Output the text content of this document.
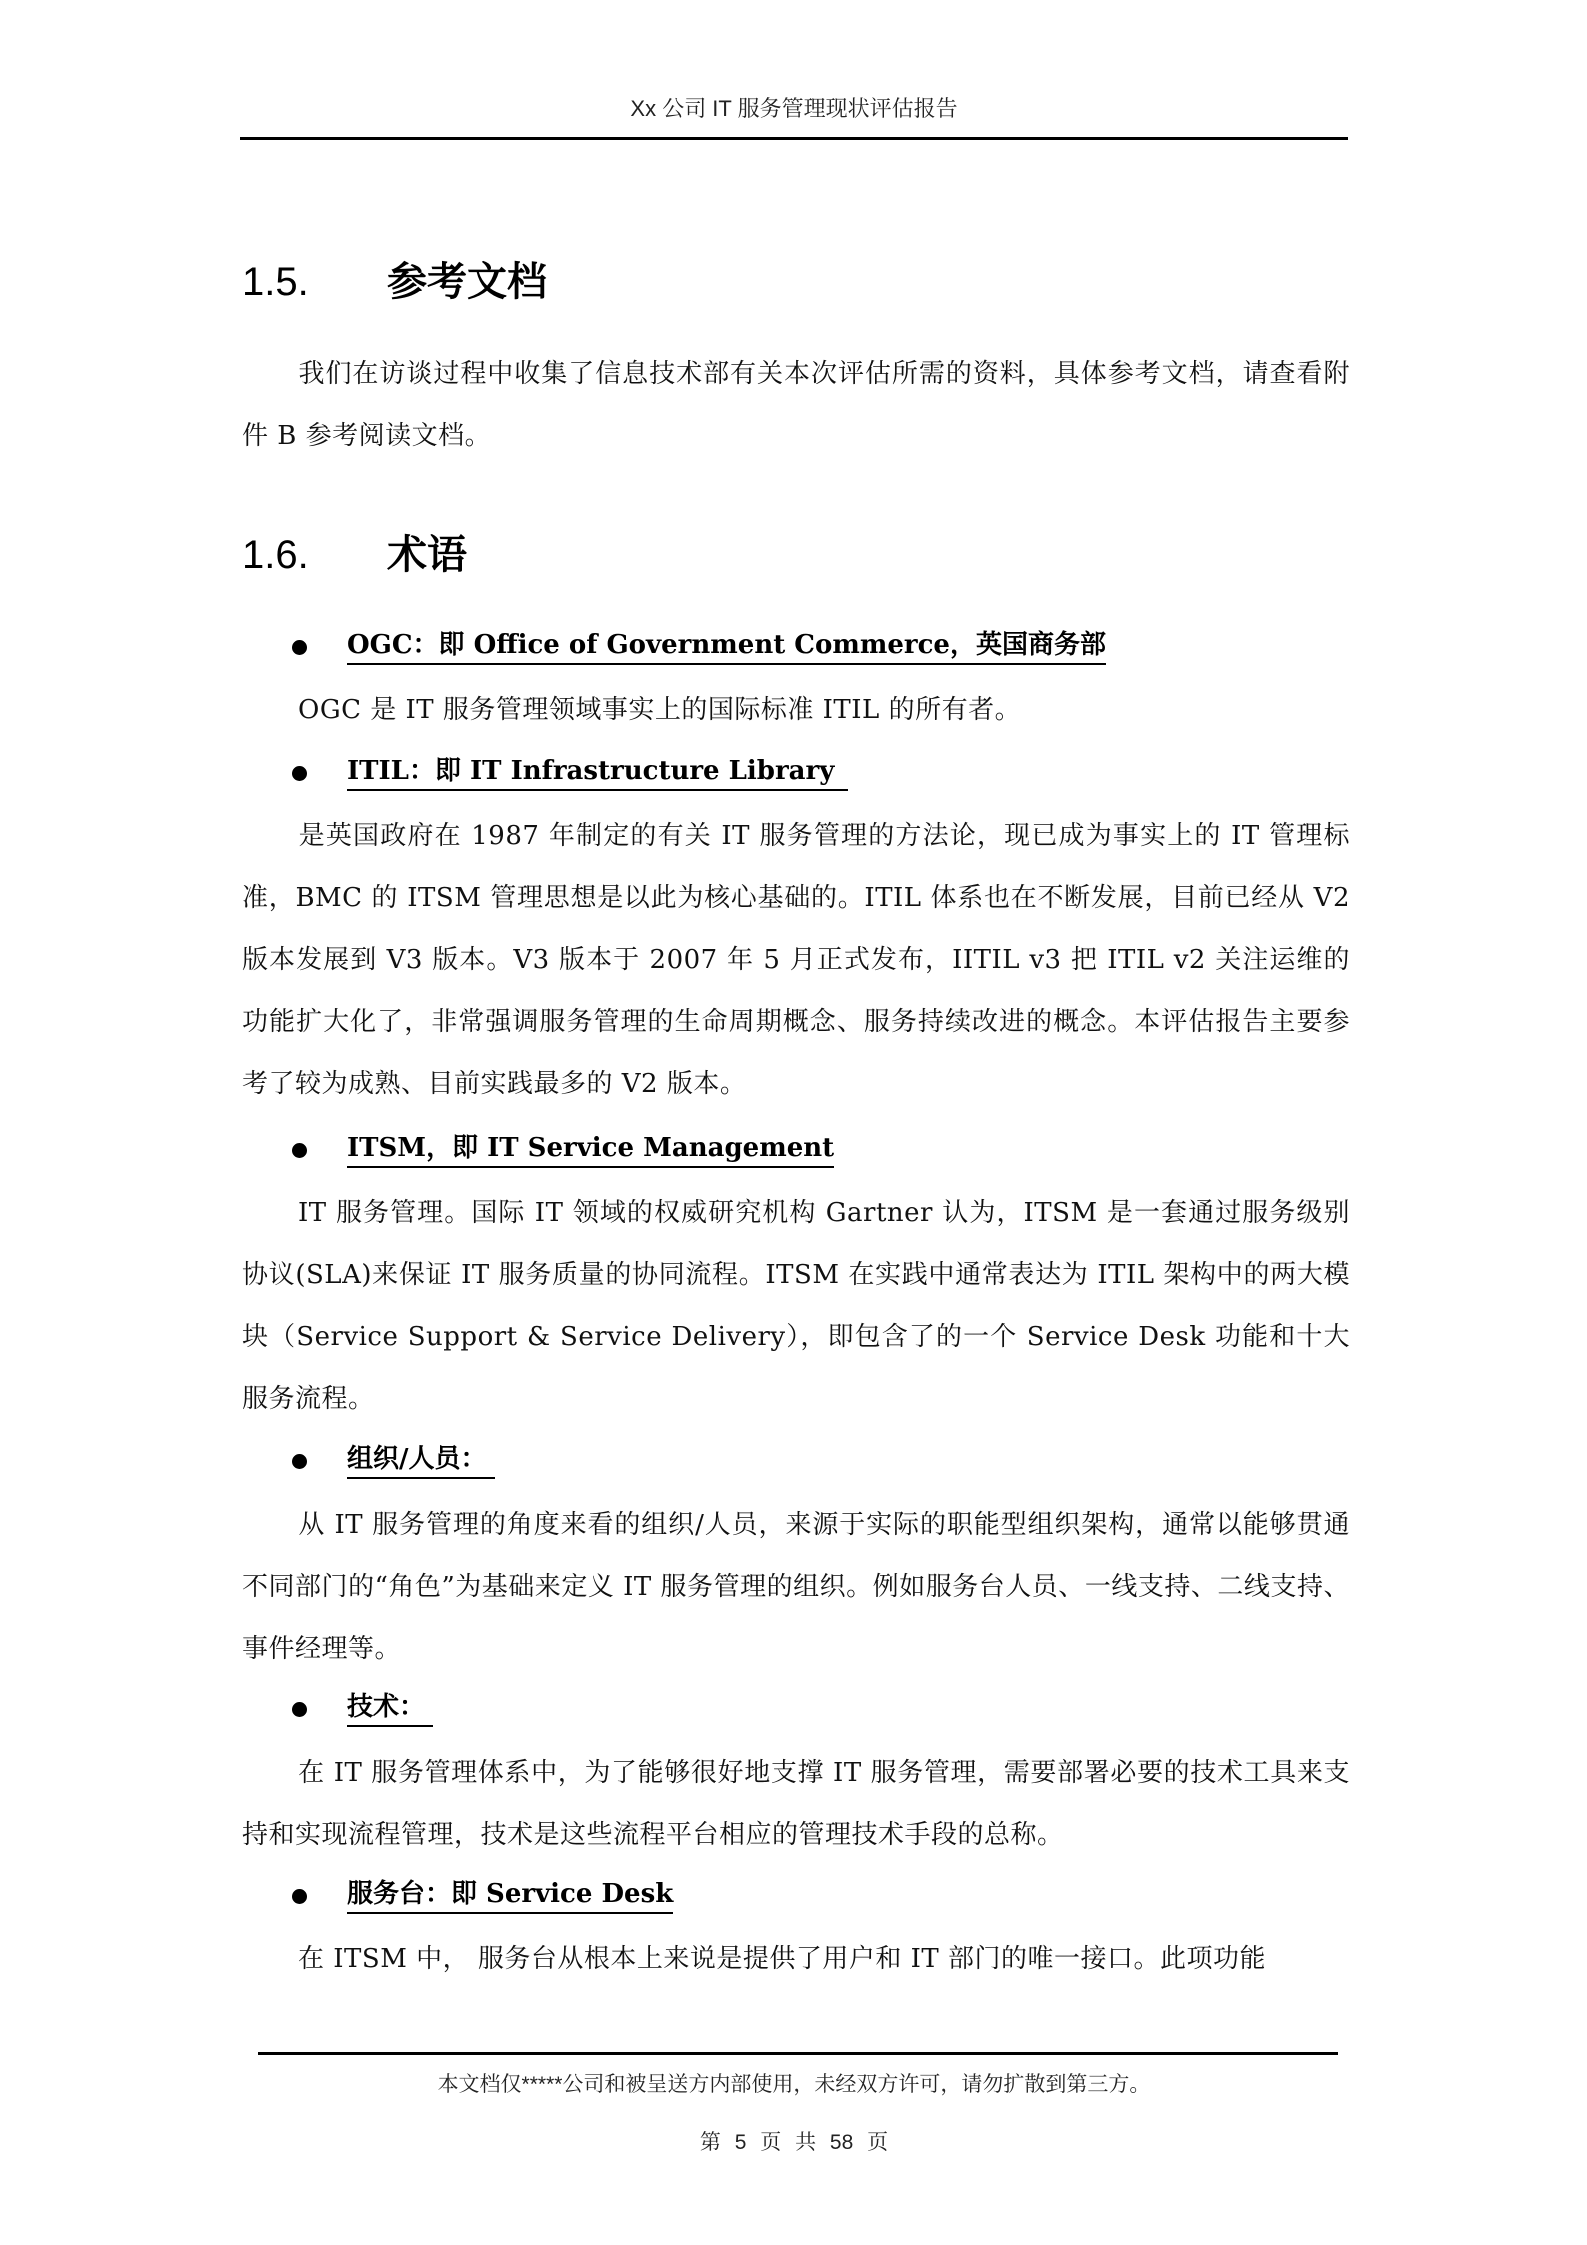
Xx 公司 IT 服务管理现状评估报告
1.5. 参考文档
我们在访谈过程中收集了信息技术部有关本次评估所需的资料，具体参考文档，请查看附件 B 参考阅读文档。
1.6. 术语
OGC：即 Office of Government Commerce，英国商务部
OGC 是 IT 服务管理领域事实上的国际标准 ITIL 的所有者。
ITIL：即 IT Infrastructure Library
是英国政府在 1987 年制定的有关 IT 服务管理的方法论，现已成为事实上的 IT 管理标准，BMC 的 ITSM 管理思想是以此为核心基础的。ITIL 体系也在不断发展，目前已经从 V2 版本发展到 V3 版本。V3 版本于 2007 年 5 月正式发布，IITIL v3 把 ITIL v2 关注运维的功能扩大化了，非常强调服务管理的生命周期概念、服务持续改进的概念。本评估报告主要参考了较为成熟、目前实践最多的 V2 版本。
ITSM，即 IT Service Management
IT 服务管理。国际 IT 领域的权威研究机构 Gartner 认为，ITSM 是一套通过服务级别协议(SLA)来保证 IT 服务质量的协同流程。ITSM 在实践中通常表达为 ITIL 架构中的两大模块（Service Support & Service Delivery），即包含了的一个 Service Desk 功能和十大服务流程。
组织/人员：
从 IT 服务管理的角度来看的组织/人员，来源于实际的职能型组织架构，通常以能够贯通不同部门的“角色”为基础来定义 IT 服务管理的组织。例如服务台人员、一线支持、二线支持、事件经理等。
技术：
在 IT 服务管理体系中，为了能够很好地支撑 IT 服务管理，需要部署必要的技术工具来支持和实现流程管理，技术是这些流程平台相应的管理技术手段的总称。
服务台：即 Service Desk
在 ITSM 中， 服务台从根本上来说是提供了用户和 IT 部门的唯一接口。此项功能
本文档仅*****公司和被呈送方内部使用，未经双方许可，请勿扩散到第三方。
第 5 页 共 58 页
